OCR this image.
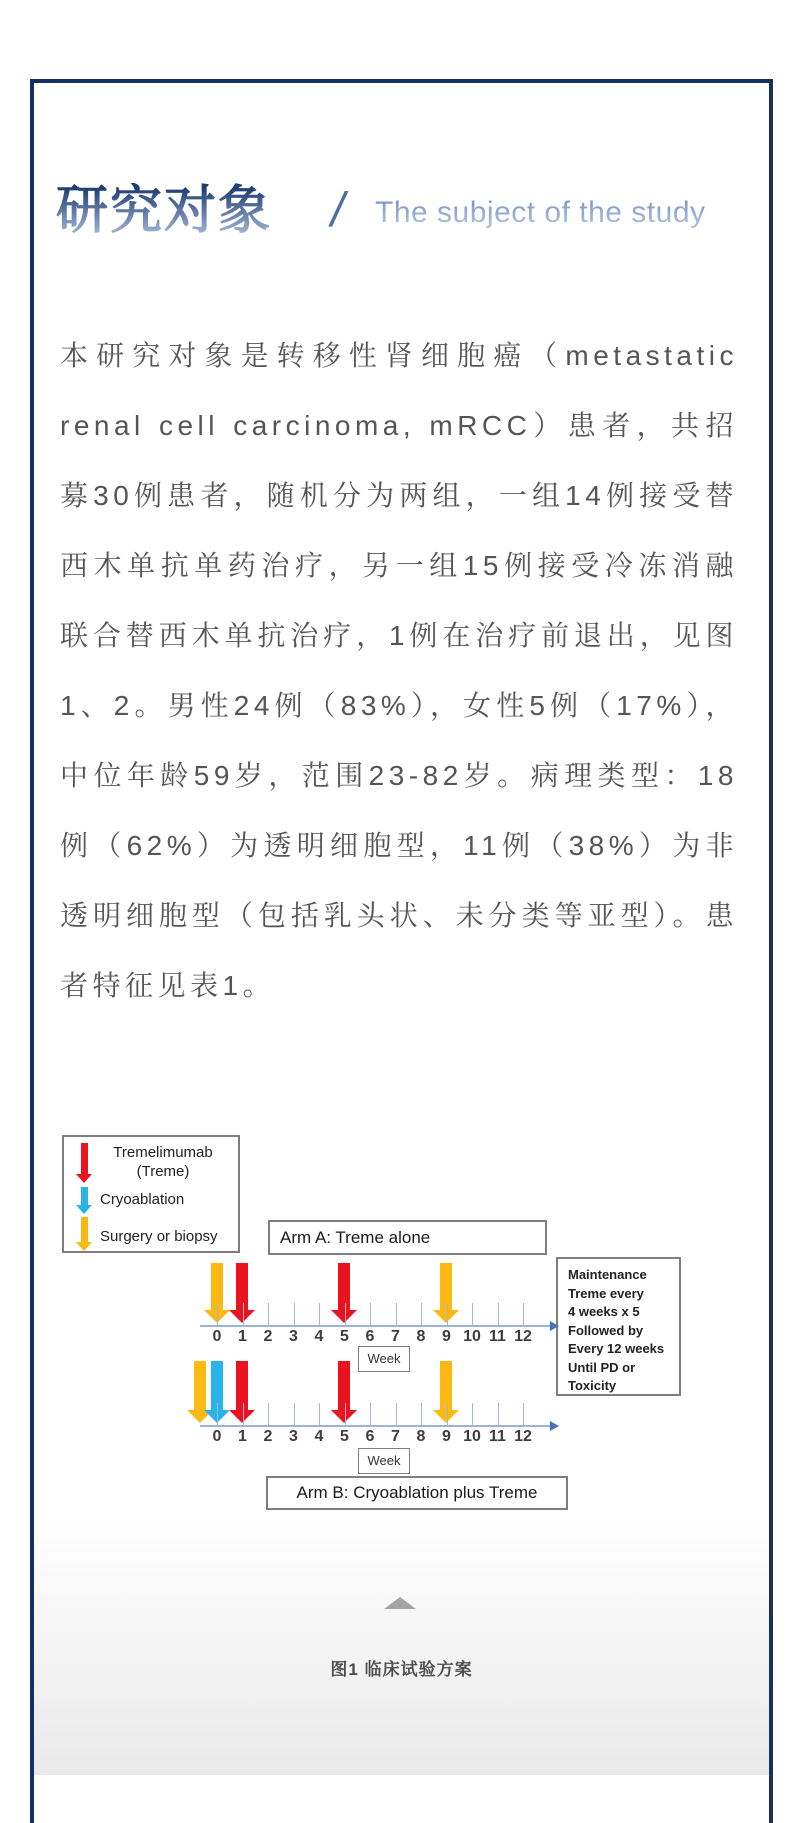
研究对象 / The subject of the study

本研究对象是转移性肾细胞癌（metastatic renal cell carcinoma, mRCC）患者，共招募30例患者，随机分为两组，一组14例接受替西木单抗单药治疗，另一组15例接受冷冻消融联合替西木单抗治疗，1例在治疗前退出，见图1、2。男性24例（83%），女性5例（17%），中位年龄59岁，范围23-82岁。病理类型：18例（62%）为透明细胞型，11例（38%）为非透明细胞型（包括乳头状、未分类等亚型）。患者特征见表1。

Tremelimumab
(Treme)
Cryoablation
Surgery or biopsy	Arm A: Treme alone
Maintenance
Treme every
4 weeks x 5
Followed by
Every 12 weeks
Until PD or
Toxicity
0	1	2	3	4	5	6	7	8	9 10 11 12
Week
0	1	2	3	4	5	6	7	8	9 10 11 12
Week
Arm B: Cryoablation plus Treme
图1 临床试验方案
